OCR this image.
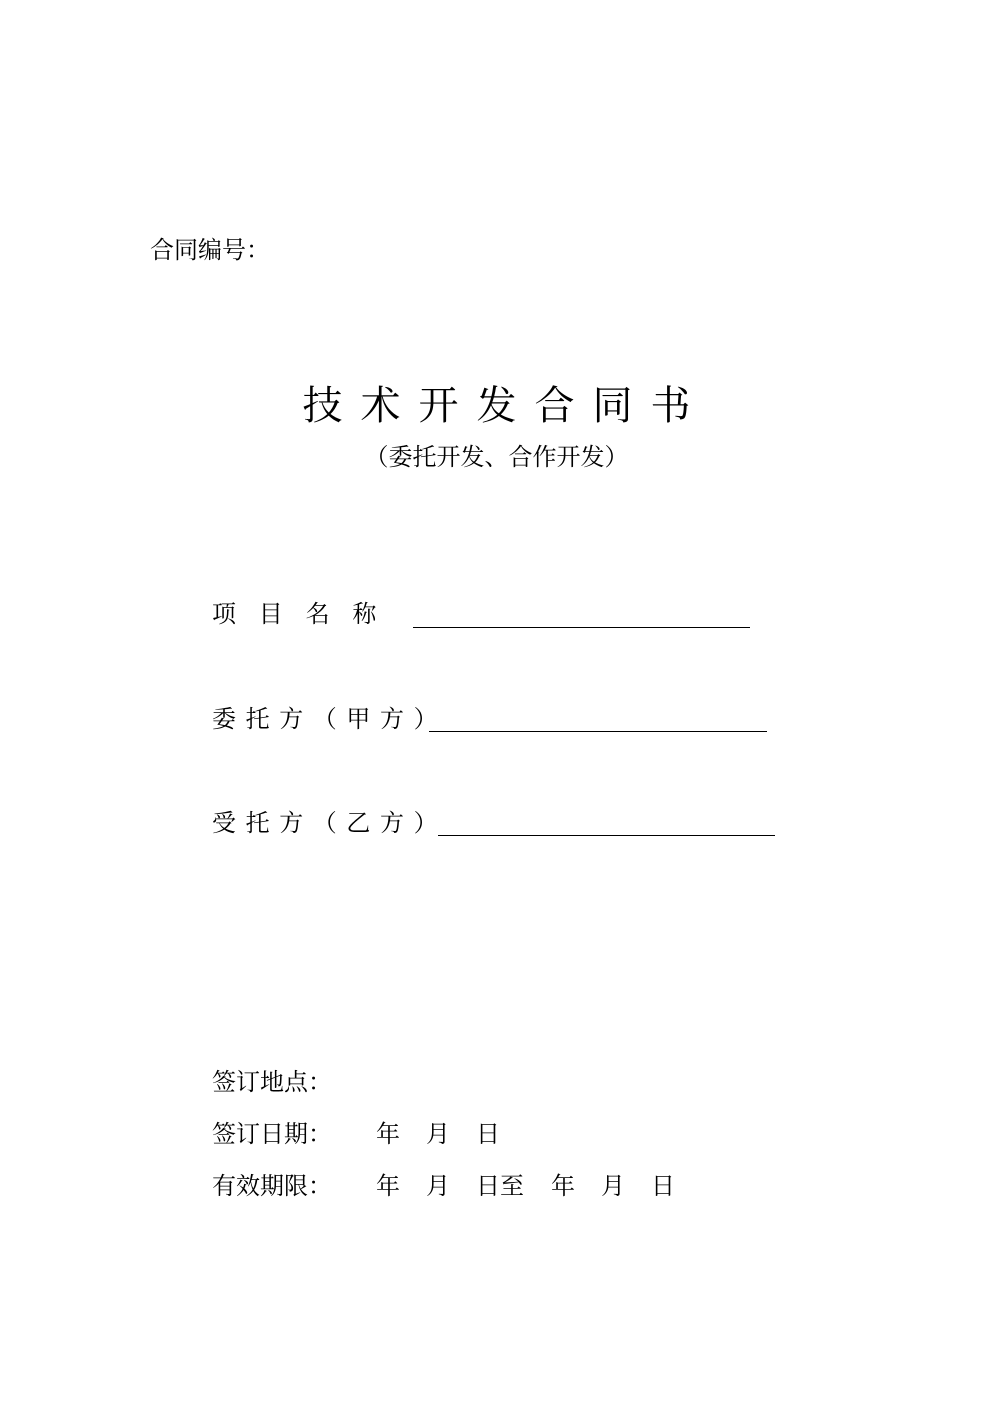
合同编号：
技术开发合同书
（委托开发、合作开发）
项目名称
委托方（甲方）
受托方（乙方）
签订地点：
签订日期： 年 月 日
有效期限： 年 月 日至 年 月 日
